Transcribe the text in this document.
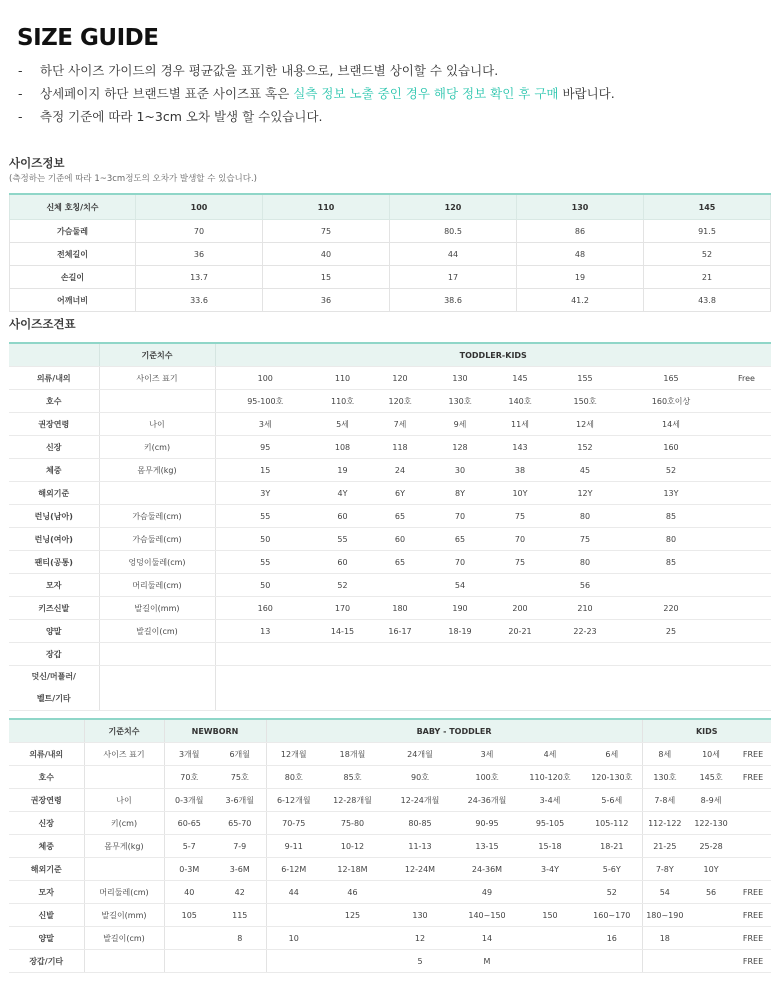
SIZE GUIDE
- 하단 사이즈 가이드의 경우 평균값을 표기한 내용으로, 브랜드별 상이할 수 있습니다.
- 상세페이지 하단 브랜드별 표준 사이즈표 혹은 실측 정보 노출 중인 경우 해당 정보 확인 후 구매 바랍니다.
- 측정 기준에 따라 1~3cm 오차 발생 할 수있습니다.
사이즈정보
(측정하는 기준에 따라 1~3cm정도의 오차가 발생할 수 있습니다.)
신체 호칭/치수	100	110	120	130	145
가슴둘레	70	75	80.5	86	91.5
전체길이	36	40	44	48	52
손길이	13.7	15	17	19	21
어깨너비	33.6	36	38.6	41.2	43.8
사이즈조견표
	기준치수	TODDLER-KIDS							
의류/내의	사이즈 표기	100	110	120	130	145	155	165	Free
호수		95-100호	110호	120호	130호	140호	150호	160호이상	
권장연령	나이	3세	5세	7세	9세	11세	12세	14세	
신장	키(cm)	95	108	118	128	143	152	160	
체중	몸무게(kg)	15	19	24	30	38	45	52	
해외기준		3Y	4Y	6Y	8Y	10Y	12Y	13Y	
런닝(남아)	가슴둘레(cm)	55	60	65	70	75	80	85	
런닝(여아)	가슴둘레(cm)	50	55	60	65	70	75	80	
팬티(공통)	엉덩이둘레(cm)	55	60	65	70	75	80	85	
모자	머리둘레(cm)	50	52		54		56		
키즈신발	발길이(mm)	160	170	180	190	200	210	220	
양말	발길이(cm)	13	14-15	16-17	18-19	20-21	22-23	25	
장갑									

덧신/머플러/
벨트/기타									

	기준치수	NEWBORN		BABY - TODDLER						KIDS		
의류/내의	사이즈 표기	3개월	6개월	12개월	18개월	24개월	3세	4세	6세	8세	10세	FREE
호수		70호	75호	80호	85호	90호	100호	110-120호	120-130호	130호	145호	FREE
권장연령	나이	0-3개월	3-6개월	6-12개월	12-28개월	12-24개월	24-36개월	3-4세	5-6세	7-8세	8-9세	
신장	키(cm)	60-65	65-70	70-75	75-80	80-85	90-95	95-105	105-112	112-122	122-130	
체중	몸무게(kg)	5-7	7-9	9-11	10-12	11-13	13-15	15-18	18-21	21-25	25-28	
해외기준		0-3M	3-6M	6-12M	12-18M	12-24M	24-36M	3-4Y	5-6Y	7-8Y	10Y	
모자	머리둘레(cm)	40	42	44	46		49		52	54	56	FREE
신발	발길이(mm)	105	115		125	130	140~150	150	160~170	180~190		FREE
양말	발길이(cm)		8	10		12	14		16	18		FREE
장갑/기타						5	M					FREE
